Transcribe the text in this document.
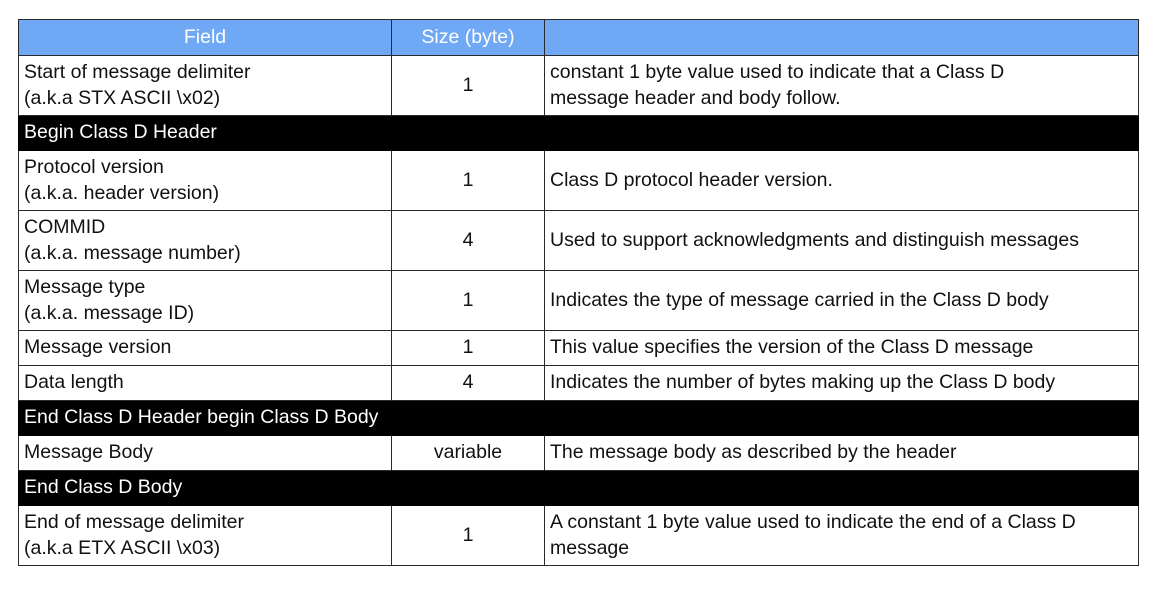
Field	Size (byte)	

Start of message delimiter
(a.k.a STX ASCII \x02)	1	constant 1 byte value used to indicate that a Class D
message header and body follow.

Begin Class D Header		

Protocol version
(a.k.a. header version)	1	Class D protocol header version.

COMMID
(a.k.a. message number)	4	Used to support acknowledgments and distinguish messages

Message type
(a.k.a. message ID)	1	Indicates the type of message carried in the Class D body

Message version	1	This value specifies the version of the Class D message

Data length	4	Indicates the number of bytes making up the Class D body

End Class D Header begin Class D Body		

Message Body	variable	The message body as described by the header

End Class D Body		

End of message delimiter
(a.k.a ETX ASCII \x03)	1	A constant 1 byte value used to indicate the end of a Class D
message
